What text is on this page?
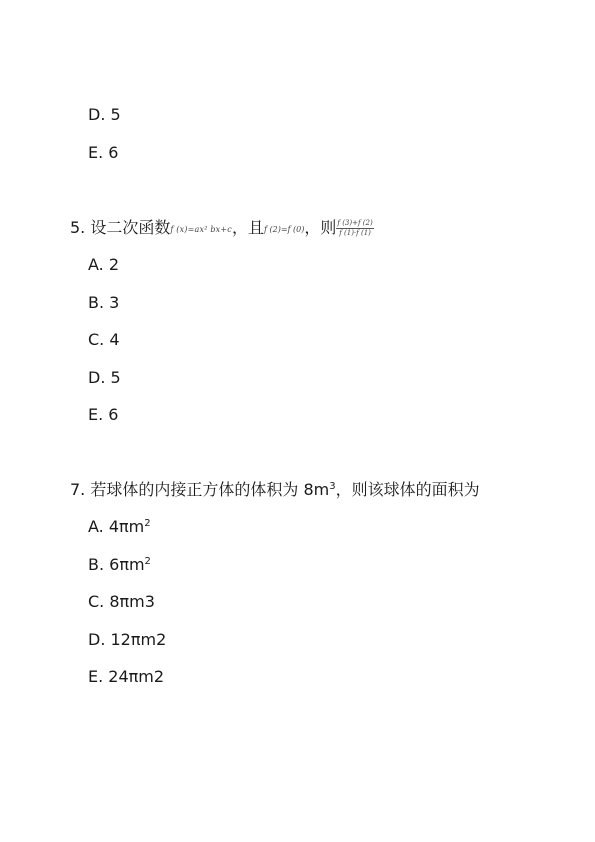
D. 5
E. 6
5. 设二次函数f (x)=ax² bx+c，且f (2)=f (0)，则 $\frac{f (3)+f (2)}{f (1)\cdot f (1)}$
A. 2
B. 3
C. 4
D. 5
E. 6
7. 若球体的内接正方体的体积为 $8m^3$，则该球体的面积为
A. $4\pi m^2$
B. $6\pi m^2$
C. 8πm3
D. 12πm2
E. 24πm2
